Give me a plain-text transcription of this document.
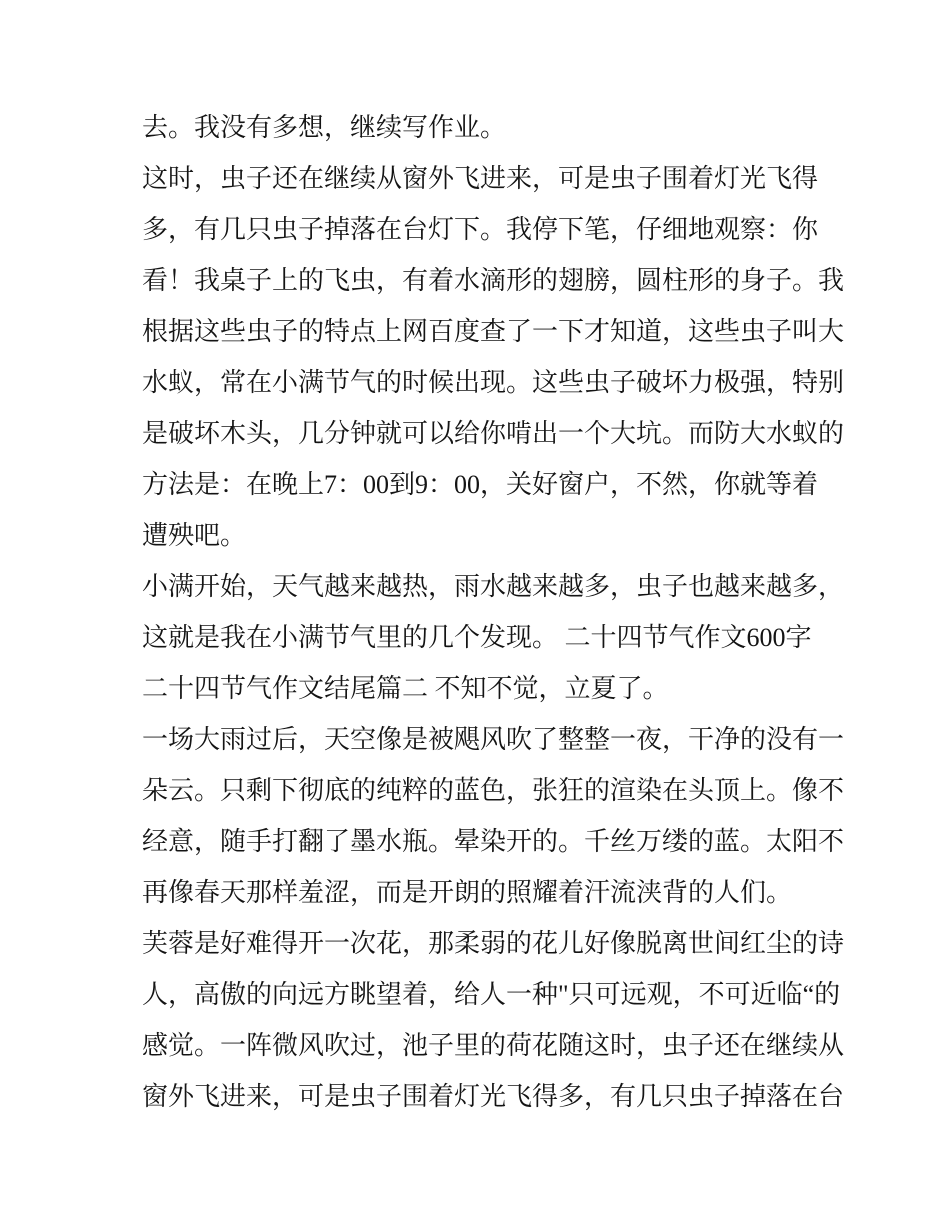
去。我没有多想，继续写作业。
这时，虫子还在继续从窗外飞进来，可是虫子围着灯光飞得
多，有几只虫子掉落在台灯下。我停下笔，仔细地观察：你
看！我桌子上的飞虫，有着水滴形的翅膀，圆柱形的身子。我
根据这些虫子的特点上网百度查了一下才知道，这些虫子叫大
水蚁，常在小满节气的时候出现。这些虫子破坏力极强，特别
是破坏木头，几分钟就可以给你啃出一个大坑。而防大水蚁的
方法是：在晚上7：00到9：00，关好窗户，不然，你就等着
遭殃吧。
小满开始，天气越来越热，雨水越来越多，虫子也越来越多，
这就是我在小满节气里的几个发现。 二十四节气作文600字
二十四节气作文结尾篇二 不知不觉，立夏了。
一场大雨过后，天空像是被飓风吹了整整一夜，干净的没有一
朵云。只剩下彻底的纯粹的蓝色，张狂的渲染在头顶上。像不
经意，随手打翻了墨水瓶。晕染开的。千丝万缕的蓝。太阳不
再像春天那样羞涩，而是开朗的照耀着汗流浃背的人们。
芙蓉是好难得开一次花，那柔弱的花儿好像脱离世间红尘的诗
人，高傲的向远方眺望着，给人一种"只可远观，不可近临“的
感觉。一阵微风吹过，池子里的荷花随这时，虫子还在继续从
窗外飞进来，可是虫子围着灯光飞得多，有几只虫子掉落在台
